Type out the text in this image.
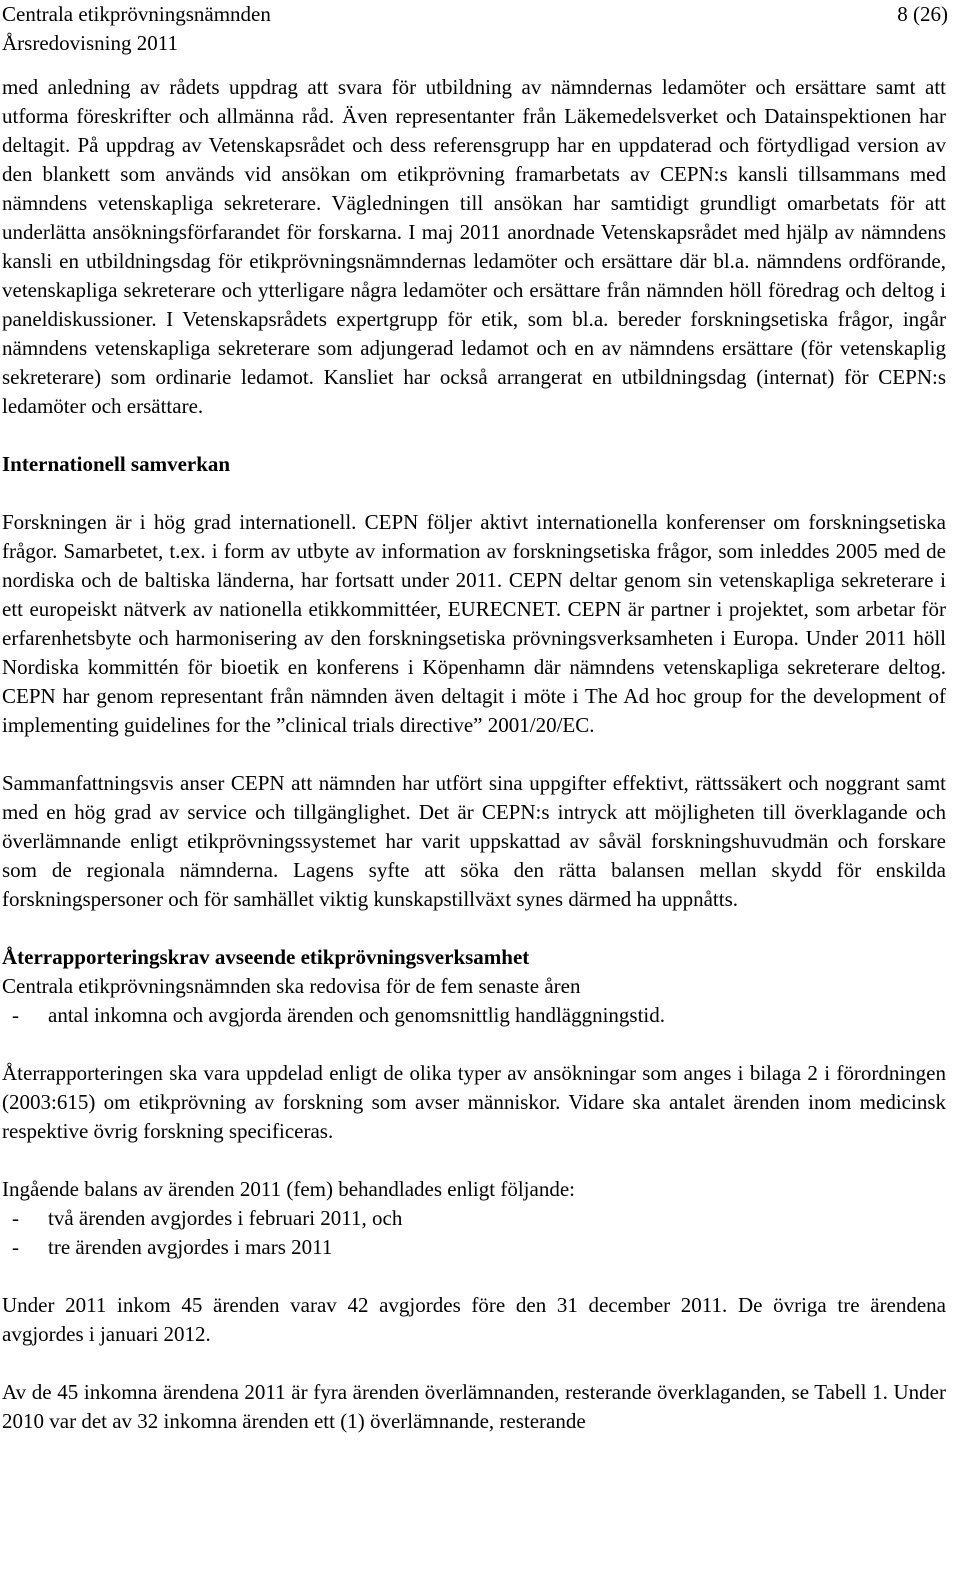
Centrala etikprövningsnämnden
Årsredovisning 2011
8 (26)

med anledning av rådets uppdrag att svara för utbildning av nämndernas ledamöter och ersättare samt att utforma föreskrifter och allmänna råd. Även representanter från Läkemedelsverket och Datainspektionen har deltagit. På uppdrag av Vetenskapsrådet och dess referensgrupp har en uppdaterad och förtydligad version av den blankett som används vid ansökan om etikprövning framarbetats av CEPN:s kansli tillsammans med nämndens vetenskapliga sekreterare. Vägledningen till ansökan har samtidigt grundligt omarbetats för att underlätta ansökningsförfarandet för forskarna. I maj 2011 anordnade Vetenskapsrådet med hjälp av nämndens kansli en utbildningsdag för etikprövningsnämndernas ledamöter och ersättare där bl.a. nämndens ordförande, vetenskapliga sekreterare och ytterligare några ledamöter och ersättare från nämnden höll föredrag och deltog i paneldiskussioner. I Vetenskapsrådets expertgrupp för etik, som bl.a. bereder forskningsetiska frågor, ingår nämndens vetenskapliga sekreterare som adjungerad ledamot och en av nämndens ersättare (för vetenskaplig sekreterare) som ordinarie ledamot. Kansliet har också arrangerat en utbildningsdag (internat) för CEPN:s ledamöter och ersättare.

Internationell samverkan

Forskningen är i hög grad internationell. CEPN följer aktivt internationella konferenser om forskningsetiska frågor. Samarbetet, t.ex. i form av utbyte av information av forskningsetiska frågor, som inleddes 2005 med de nordiska och de baltiska länderna, har fortsatt under 2011. CEPN deltar genom sin vetenskapliga sekreterare i ett europeiskt nätverk av nationella etikkommittéer, EURECNET. CEPN är partner i projektet, som arbetar för erfarenhetsbyte och harmonisering av den forskningsetiska prövningsverksamheten i Europa. Under 2011 höll Nordiska kommittén för bioetik en konferens i Köpenhamn där nämndens vetenskapliga sekreterare deltog. CEPN har genom representant från nämnden även deltagit i möte i The Ad hoc group for the development of implementing guidelines for the ”clinical trials directive” 2001/20/EC.

Sammanfattningsvis anser CEPN att nämnden har utfört sina uppgifter effektivt, rättssäkert och noggrant samt med en hög grad av service och tillgänglighet. Det är CEPN:s intryck att möjligheten till överklagande och överlämnande enligt etikprövningssystemet har varit uppskattad av såväl forskningshuvudmän och forskare som de regionala nämnderna. Lagens syfte att söka den rätta balansen mellan skydd för enskilda forskningspersoner och för samhället viktig kunskapstillväxt synes därmed ha uppnåtts.

Återrapporteringskrav avseende etikprövningsverksamhet

Centrala etikprövningsnämnden ska redovisa för de fem senaste åren

-	antal inkomna och avgjorda ärenden och genomsnittlig handläggningstid.

Återrapporteringen ska vara uppdelad enligt de olika typer av ansökningar som anges i bilaga 2 i förordningen (2003:615) om etikprövning av forskning som avser människor. Vidare ska antalet ärenden inom medicinsk respektive övrig forskning specificeras.

Ingående balans av ärenden 2011 (fem) behandlades enligt följande:

-	två ärenden avgjordes i februari 2011, och
-	tre ärenden avgjordes i mars 2011

Under 2011 inkom 45 ärenden varav 42 avgjordes före den 31 december 2011. De övriga tre ärendena avgjordes i januari 2012.

Av de 45 inkomna ärendena 2011 är fyra ärenden överlämnanden, resterande överklaganden, se Tabell 1. Under 2010 var det av 32 inkomna ärenden ett (1) överlämnande, resterande
